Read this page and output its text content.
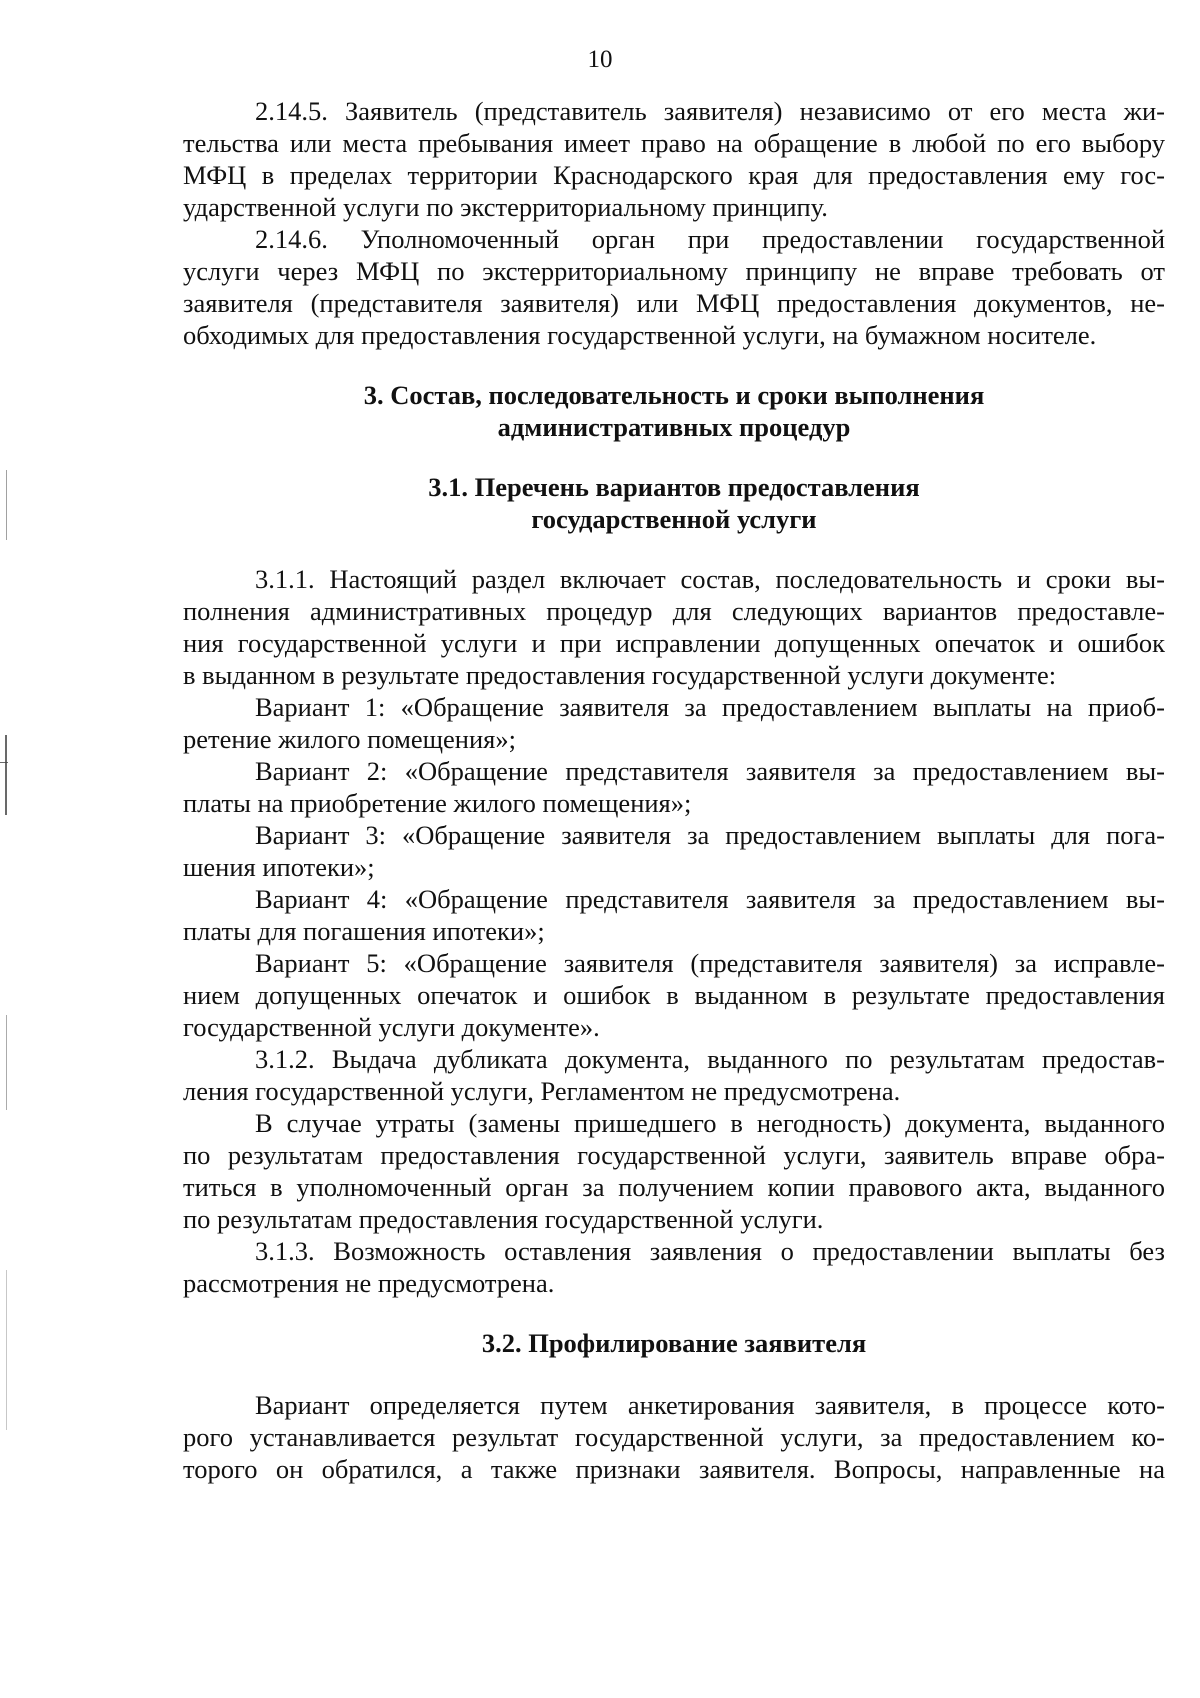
10
2.14.5. Заявитель (представитель заявителя) независимо от его места жи-
тельства или места пребывания имеет право на обращение в любой по его выбору
МФЦ в пределах территории Краснодарского края для предоставления ему гос-
ударственной услуги по экстерриториальному принципу.
2.14.6. Уполномоченный орган при предоставлении государственной
услуги через МФЦ по экстерриториальному принципу не вправе требовать от
заявителя (представителя заявителя) или МФЦ предоставления документов, не-
обходимых для предоставления государственной услуги, на бумажном носителе.
3. Состав, последовательность и сроки выполнения
административных процедур
3.1. Перечень вариантов предоставления
государственной услуги
3.1.1. Настоящий раздел включает состав, последовательность и сроки вы-
полнения административных процедур для следующих вариантов предоставле-
ния государственной услуги и при исправлении допущенных опечаток и ошибок
в выданном в результате предоставления государственной услуги документе:
Вариант 1: «Обращение заявителя за предоставлением выплаты на приоб-
ретение жилого помещения»;
Вариант 2: «Обращение представителя заявителя за предоставлением вы-
платы на приобретение жилого помещения»;
Вариант 3: «Обращение заявителя за предоставлением выплаты для пога-
шения ипотеки»;
Вариант 4: «Обращение представителя заявителя за предоставлением вы-
платы для погашения ипотеки»;
Вариант 5: «Обращение заявителя (представителя заявителя) за исправле-
нием допущенных опечаток и ошибок в выданном в результате предоставления
государственной услуги документе».
3.1.2. Выдача дубликата документа, выданного по результатам предостав-
ления государственной услуги, Регламентом не предусмотрена.
В случае утраты (замены пришедшего в негодность) документа, выданного
по результатам предоставления государственной услуги, заявитель вправе обра-
титься в уполномоченный орган за получением копии правового акта, выданного
по результатам предоставления государственной услуги.
3.1.3. Возможность оставления заявления о предоставлении выплаты без
рассмотрения не предусмотрена.
3.2. Профилирование заявителя
Вариант определяется путем анкетирования заявителя, в процессе кото-
рого устанавливается результат государственной услуги, за предоставлением ко-
торого он обратился, а также признаки заявителя. Вопросы, направленные на
